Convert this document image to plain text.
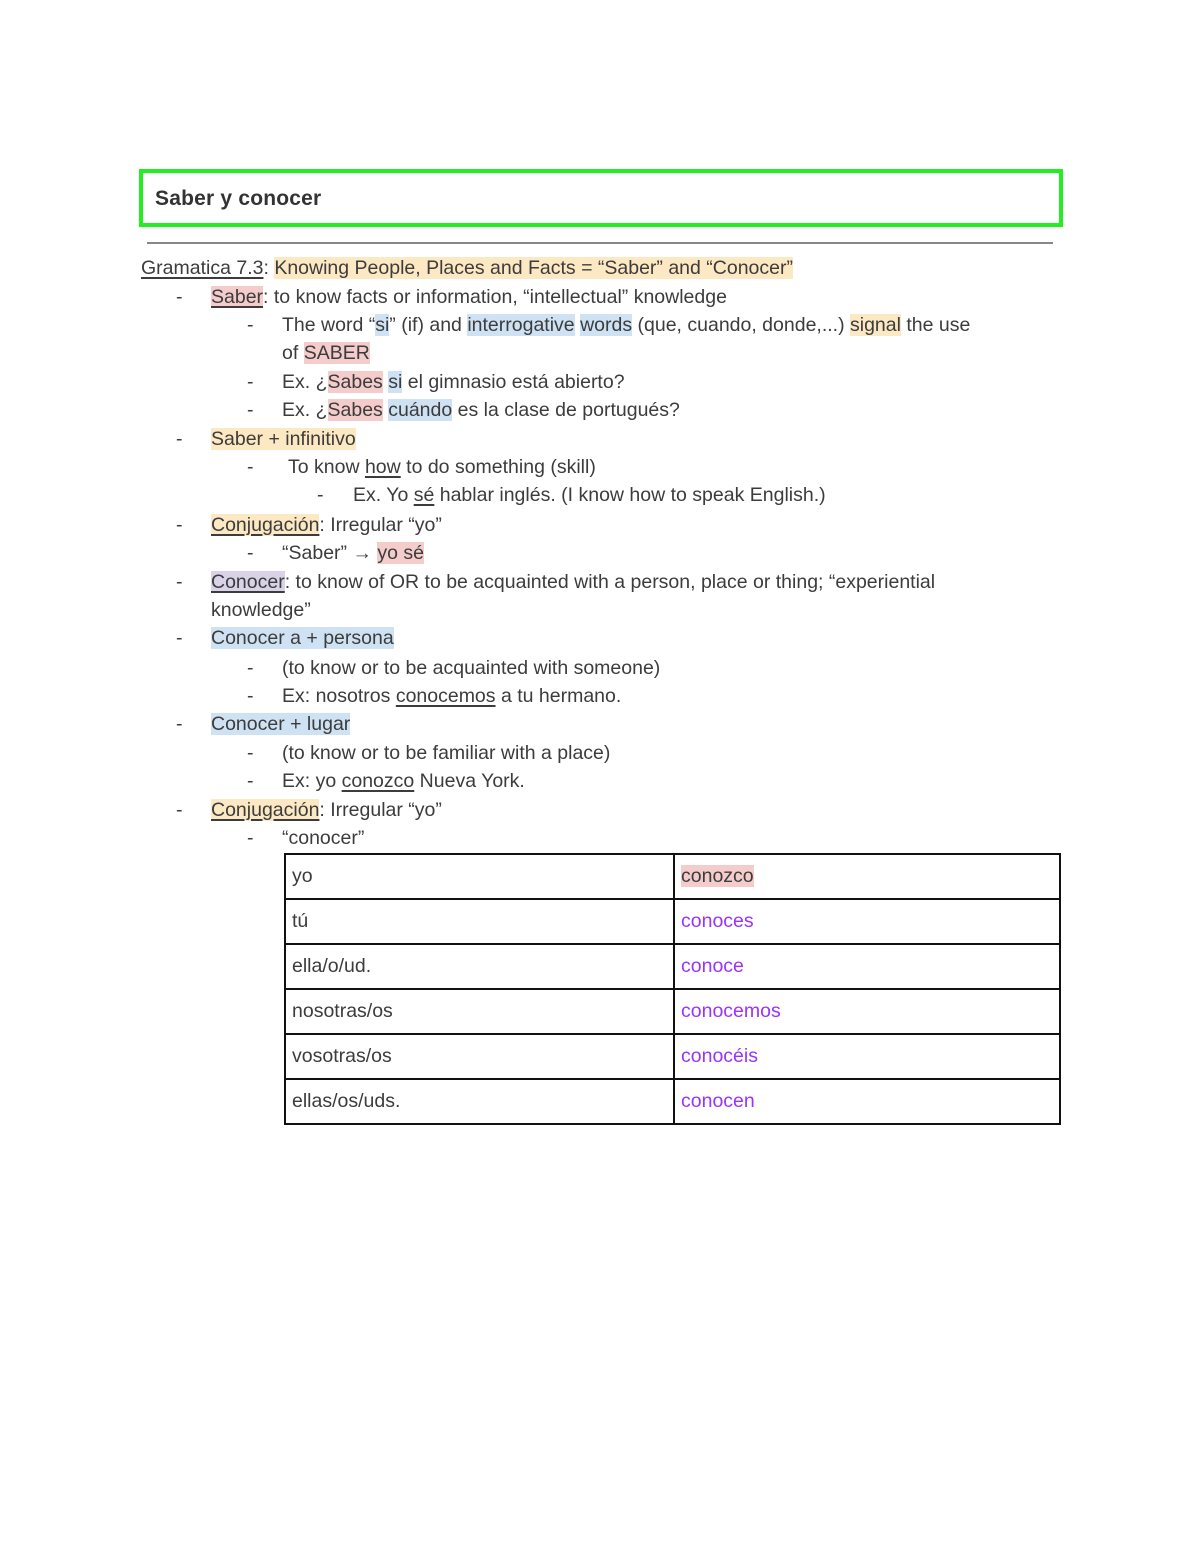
Saber y conocer
Gramatica 7.3: Knowing People, Places and Facts = “Saber” and “Conocer”
- Saber: to know facts or information, “intellectual” knowledge
- The word “si” (if) and interrogative words (que, cuando, donde,...) signal the use
of SABER
- Ex. ¿Sabes si el gimnasio está abierto?
- Ex. ¿Sabes cuándo es la clase de portugués?
- Saber + infinitivo
- To know how to do something (skill)
- Ex. Yo sé hablar inglés. (I know how to speak English.)
- Conjugación: Irregular “yo”
- “Saber” → yo sé
- Conocer: to know of OR to be acquainted with a person, place or thing; “experiential
knowledge”
- Conocer a + persona
- (to know or to be acquainted with someone)
- Ex: nosotros conocemos a tu hermano.
- Conocer + lugar
- (to know or to be familiar with a place)
- Ex: yo conozco Nueva York.
- Conjugación: Irregular “yo”
- “conocer”
yo	conozco
tú	conoces
ella/o/ud.	conoce
nosotras/os	conocemos
vosotras/os	conocéis
ellas/os/uds.	conocen
